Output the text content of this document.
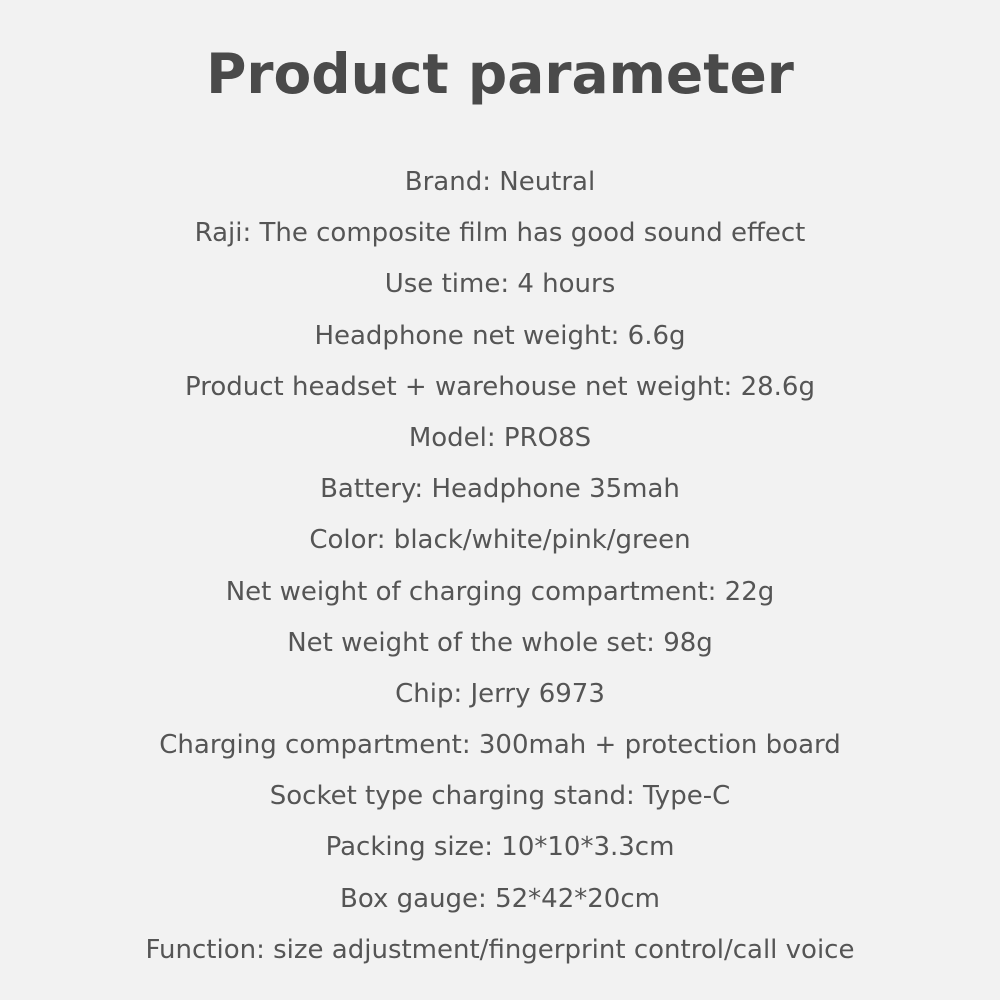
Product parameter
Brand: Neutral
Raji: The composite film has good sound effect
Use time: 4 hours
Headphone net weight: 6.6g
Product headset + warehouse net weight: 28.6g
Model: PRO8S
Battery: Headphone 35mah
Color: black/white/pink/green
Net weight of charging compartment: 22g
Net weight of the whole set: 98g
Chip: Jerry 6973
Charging compartment: 300mah + protection board
Socket type charging stand: Type-C
Packing size: 10*10*3.3cm
Box gauge: 52*42*20cm
Function: size adjustment/fingerprint control/call voice
